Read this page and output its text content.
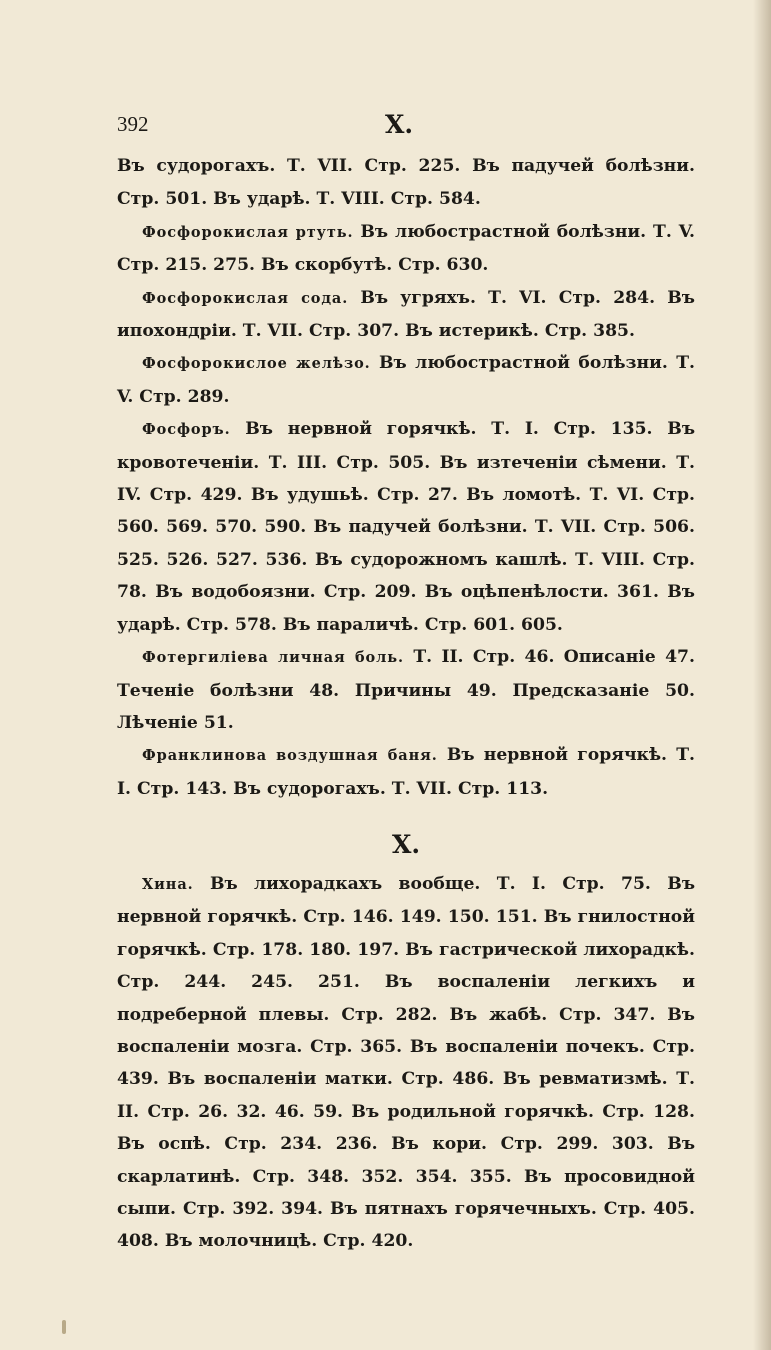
392	X.

Въ судорогахъ. Т. VII. Стр. 225. Въ падучей болѣзни. Стр. 501. Въ ударѣ. Т. VIII. Стр. 584.

Фосфорокислая ртуть. Въ любострастной болѣзни. Т. V. Стр. 215. 275. Въ скорбутѣ. Стр. 630.

Фосфорокислая сода. Въ угряхъ. Т. VI. Стр. 284. Въ ипохондріи. Т. VII. Стр. 307. Въ истерикѣ. Стр. 385.

Фосфорокислое желѣзо. Въ любострастной болѣзни. Т. V. Стр. 289.

Фосфоръ. Въ нервной горячкѣ. Т. I. Стр. 135. Въ кровотеченіи. Т. III. Стр. 505. Въ изтеченіи сѣмени. Т. IV. Стр. 429. Въ удушьѣ. Стр. 27. Въ ломотѣ. Т. VI. Стр. 560. 569. 570. 590. Въ падучей болѣзни. Т. VII. Стр. 506. 525. 526. 527. 536. Въ судорожномъ кашлѣ. Т. VIII. Стр. 78. Въ водобоязни. Стр. 209. Въ оцѣпенѣлости. 361. Въ ударѣ. Стр. 578. Въ параличѣ. Стр. 601. 605.

Фотергиліева личная боль. Т. II. Стр. 46. Описаніе 47. Теченіе болѣзни 48. Причины 49. Предсказаніе 50. Лѣченіе 51.

Франклинова воздушная баня. Въ нервной горячкѣ. Т. I. Стр. 143. Въ судорогахъ. Т. VII. Стр. 113.

X.

Хина. Въ лихорадкахъ вообще. Т. I. Стр. 75. Въ нервной горячкѣ. Стр. 146. 149. 150. 151. Въ гнилостной горячкѣ. Стр. 178. 180. 197. Въ гастрической лихорадкѣ. Стр. 244. 245. 251. Въ воспаленіи легкихъ и подреберной плевы. Стр. 282. Въ жабѣ. Стр. 347. Въ воспаленіи мозга. Стр. 365. Въ воспаленіи почекъ. Стр. 439. Въ воспаленіи матки. Стр. 486. Въ ревматизмѣ. Т. II. Стр. 26. 32. 46. 59. Въ родильной горячкѣ. Стр. 128. Въ оспѣ. Стр. 234. 236. Въ кори. Стр. 299. 303. Въ скарлатинѣ. Стр. 348. 352. 354. 355. Въ просовидной сыпи. Стр. 392. 394. Въ пятнахъ горячечныхъ. Стр. 405. 408. Въ молочницѣ. Стр. 420.
